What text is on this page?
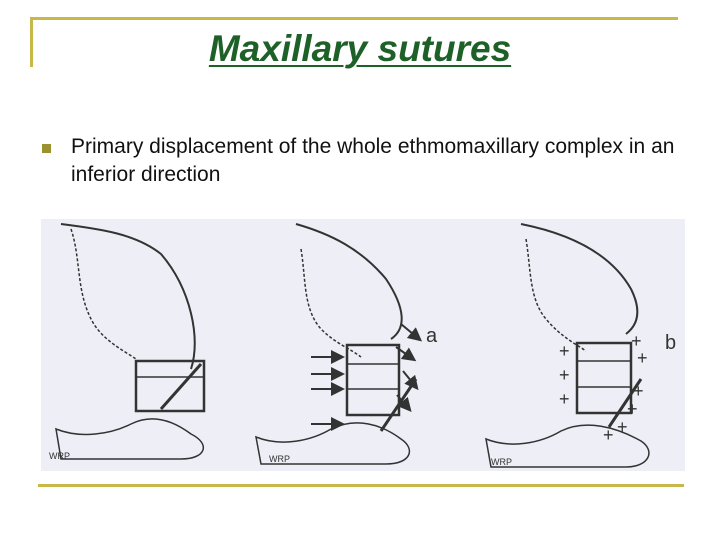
Maxillary sutures
Primary displacement of the whole ethmomaxillary complex in an inferior direction
WRP
a
WRP
+
+
+
+
+
+
+
+
+
b
WRP
